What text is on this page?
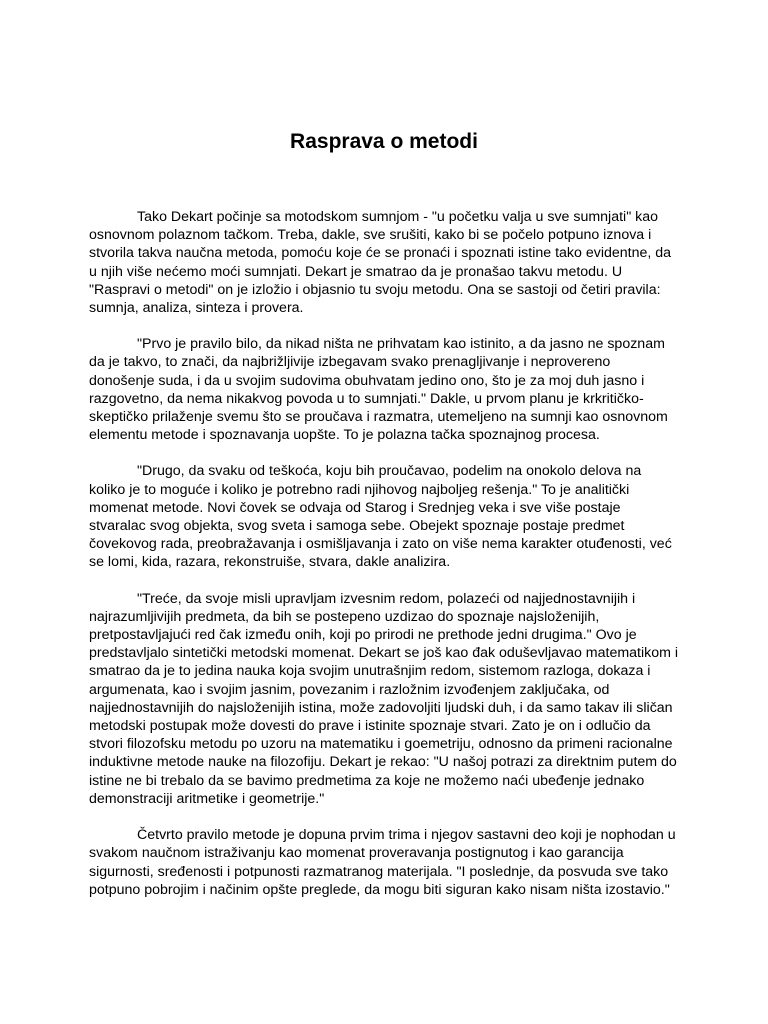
Rasprava o metodi

Tako Dekart počinje sa motodskom sumnjom - "u početku valja u sve sumnjati" kao osnovnom polaznom tačkom. Treba, dakle, sve srušiti, kako bi se počelo potpuno iznova i stvorila takva naučna metoda, pomoću koje će se pronaći i spoznati istine tako evidentne, da u njih više nećemo moći sumnjati. Dekart je smatrao da je pronašao takvu metodu. U "Raspravi o metodi" on je izložio i objasnio tu svoju metodu. Ona se sastoji od četiri pravila: sumnja, analiza, sinteza i provera.

"Prvo je pravilo bilo, da nikad ništa ne prihvatam kao istinito, a da jasno ne spoznam da je takvo, to znači, da najbrižljivije izbegavam svako prenagljivanje i neprovereno donošenje suda, i da u svojim sudovima obuhvatam jedino ono, što je za moj duh jasno i razgovetno, da nema nikakvog povoda u to sumnjati." Dakle, u prvom planu je krkritičko-skeptičko prilaženje svemu što se proučava i razmatra, utemeljeno na sumnji kao osnovnom elementu metode i spoznavanja uopšte. To je polazna tačka spoznajnog procesa.

"Drugo, da svaku od teškoća, koju bih proučavao, podelim na onokolo delova na koliko je to moguće i koliko je potrebno radi njihovog najboljeg rešenja." To je analitički momenat metode. Novi čovek se odvaja od Starog i Srednjeg veka i sve više postaje stvaralac svog objekta, svog sveta i samoga sebe. Obejekt spoznaje postaje predmet čovekovog rada, preobražavanja i osmišljavanja i zato on više nema karakter otuđenosti, već se lomi, kida, razara, rekonstruiše, stvara, dakle analizira.

"Treće, da svoje misli upravljam izvesnim redom, polazeći od najjednostavnijih i najrazumljivijih predmeta, da bih se postepeno uzdizao do spoznaje najsloženijih, pretpostavljajući red čak između onih, koji po prirodi ne prethode jedni drugima." Ovo je predstavljalo sintetički metodski momenat. Dekart se još kao đak oduševljavao matematikom i smatrao da je to jedina nauka koja svojim unutrašnjim redom, sistemom razloga, dokaza i argumenata, kao i svojim jasnim, povezanim i razložnim izvođenjem zaključaka, od najjednostavnijih do najsloženijih istina, može zadovoljiti ljudski duh, i da samo takav ili sličan metodski postupak može dovesti do prave i istinite spoznaje stvari. Zato je on i odlučio da stvori filozofsku metodu po uzoru na matematiku i goemetriju, odnosno da primeni racionalne induktivne metode nauke na filozofiju. Dekart je rekao: "U našoj potrazi za direktnim putem do istine ne bi trebalo da se bavimo predmetima za koje ne možemo naći ubeđenje jednako demonstraciji aritmetike i geometrije."

Četvrto pravilo metode je dopuna prvim trima i njegov sastavni deo koji je nophodan u svakom naučnom istraživanju kao momenat proveravanja postignutog i kao garancija sigurnosti, sređenosti i potpunosti razmatranog materijala. "I poslednje, da posvuda sve tako potpuno pobrojim i načinim opšte preglede, da mogu biti siguran kako nisam ništa izostavio."
